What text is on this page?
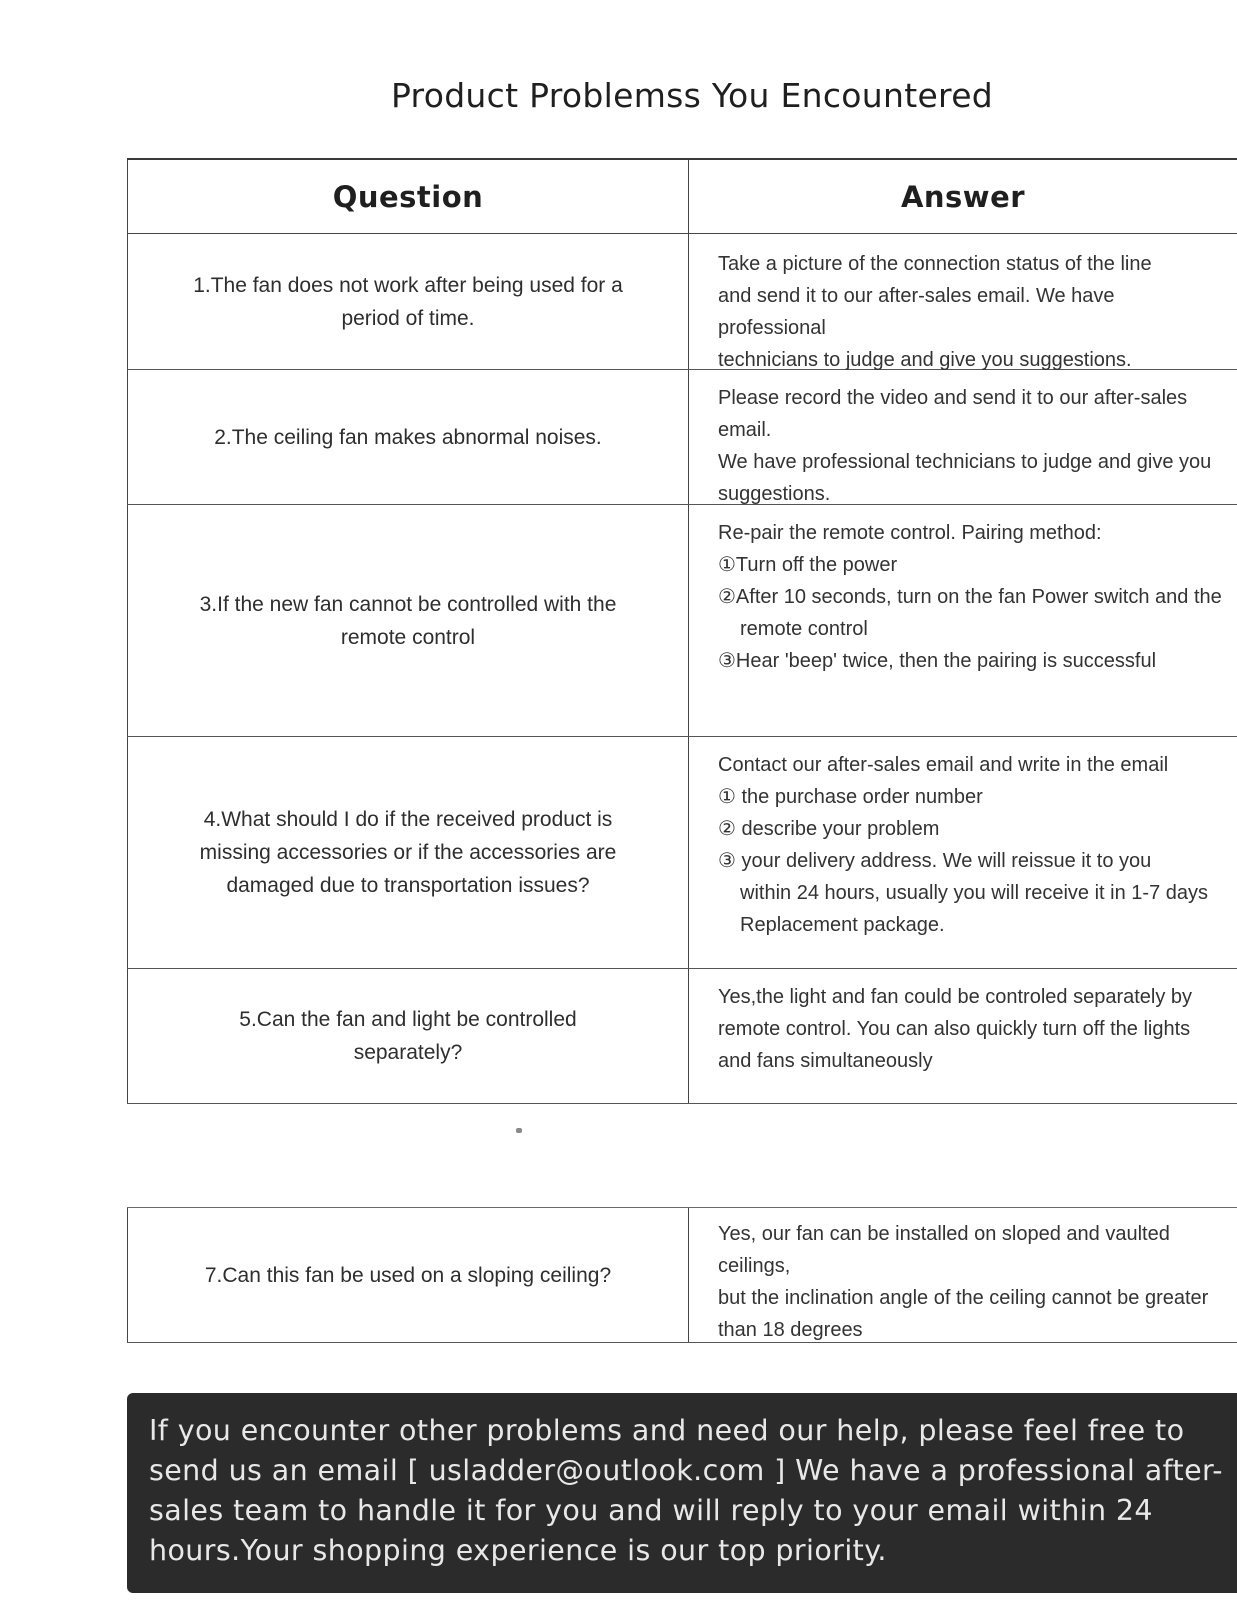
Product Problemss You Encountered
Question	Answer
1.The fan does not work after being used for a period of time.
Take a picture of the connection status of the line
and send it to our after-sales email. We have professional
technicians to judge and give you suggestions.
2.The ceiling fan makes abnormal noises.
Please record the video and send it to our after-sales email.
We have professional technicians to judge and give you
suggestions.
3.If the new fan cannot be controlled with the remote control
Re-pair the remote control. Pairing method:
①Turn off the power
②After 10 seconds, turn on the fan Power switch and the
remote control
③Hear 'beep' twice, then the pairing is successful
4.What should I do if the received product is missing accessories or if the accessories are damaged due to transportation issues?
Contact our after-sales email and write in the email
① the purchase order number
② describe your problem
③ your delivery address. We will reissue it to you
within 24 hours, usually you will receive it in 1-7 days
Replacement package.
5.Can the fan and light be controlled separately?
Yes,the light and fan could be controled separately by
remote control. You can also quickly turn off the lights
and fans simultaneously
7.Can this fan be used on a sloping ceiling?
Yes, our fan can be installed on sloped and vaulted ceilings,
but the inclination angle of the ceiling cannot be greater
than 18 degrees
If you encounter other problems and need our help, please feel free to send us an email [ usladder@outlook.com ] We have a professional after-sales team to handle it for you and will reply to your email within 24 hours.Your shopping experience is our top priority.
